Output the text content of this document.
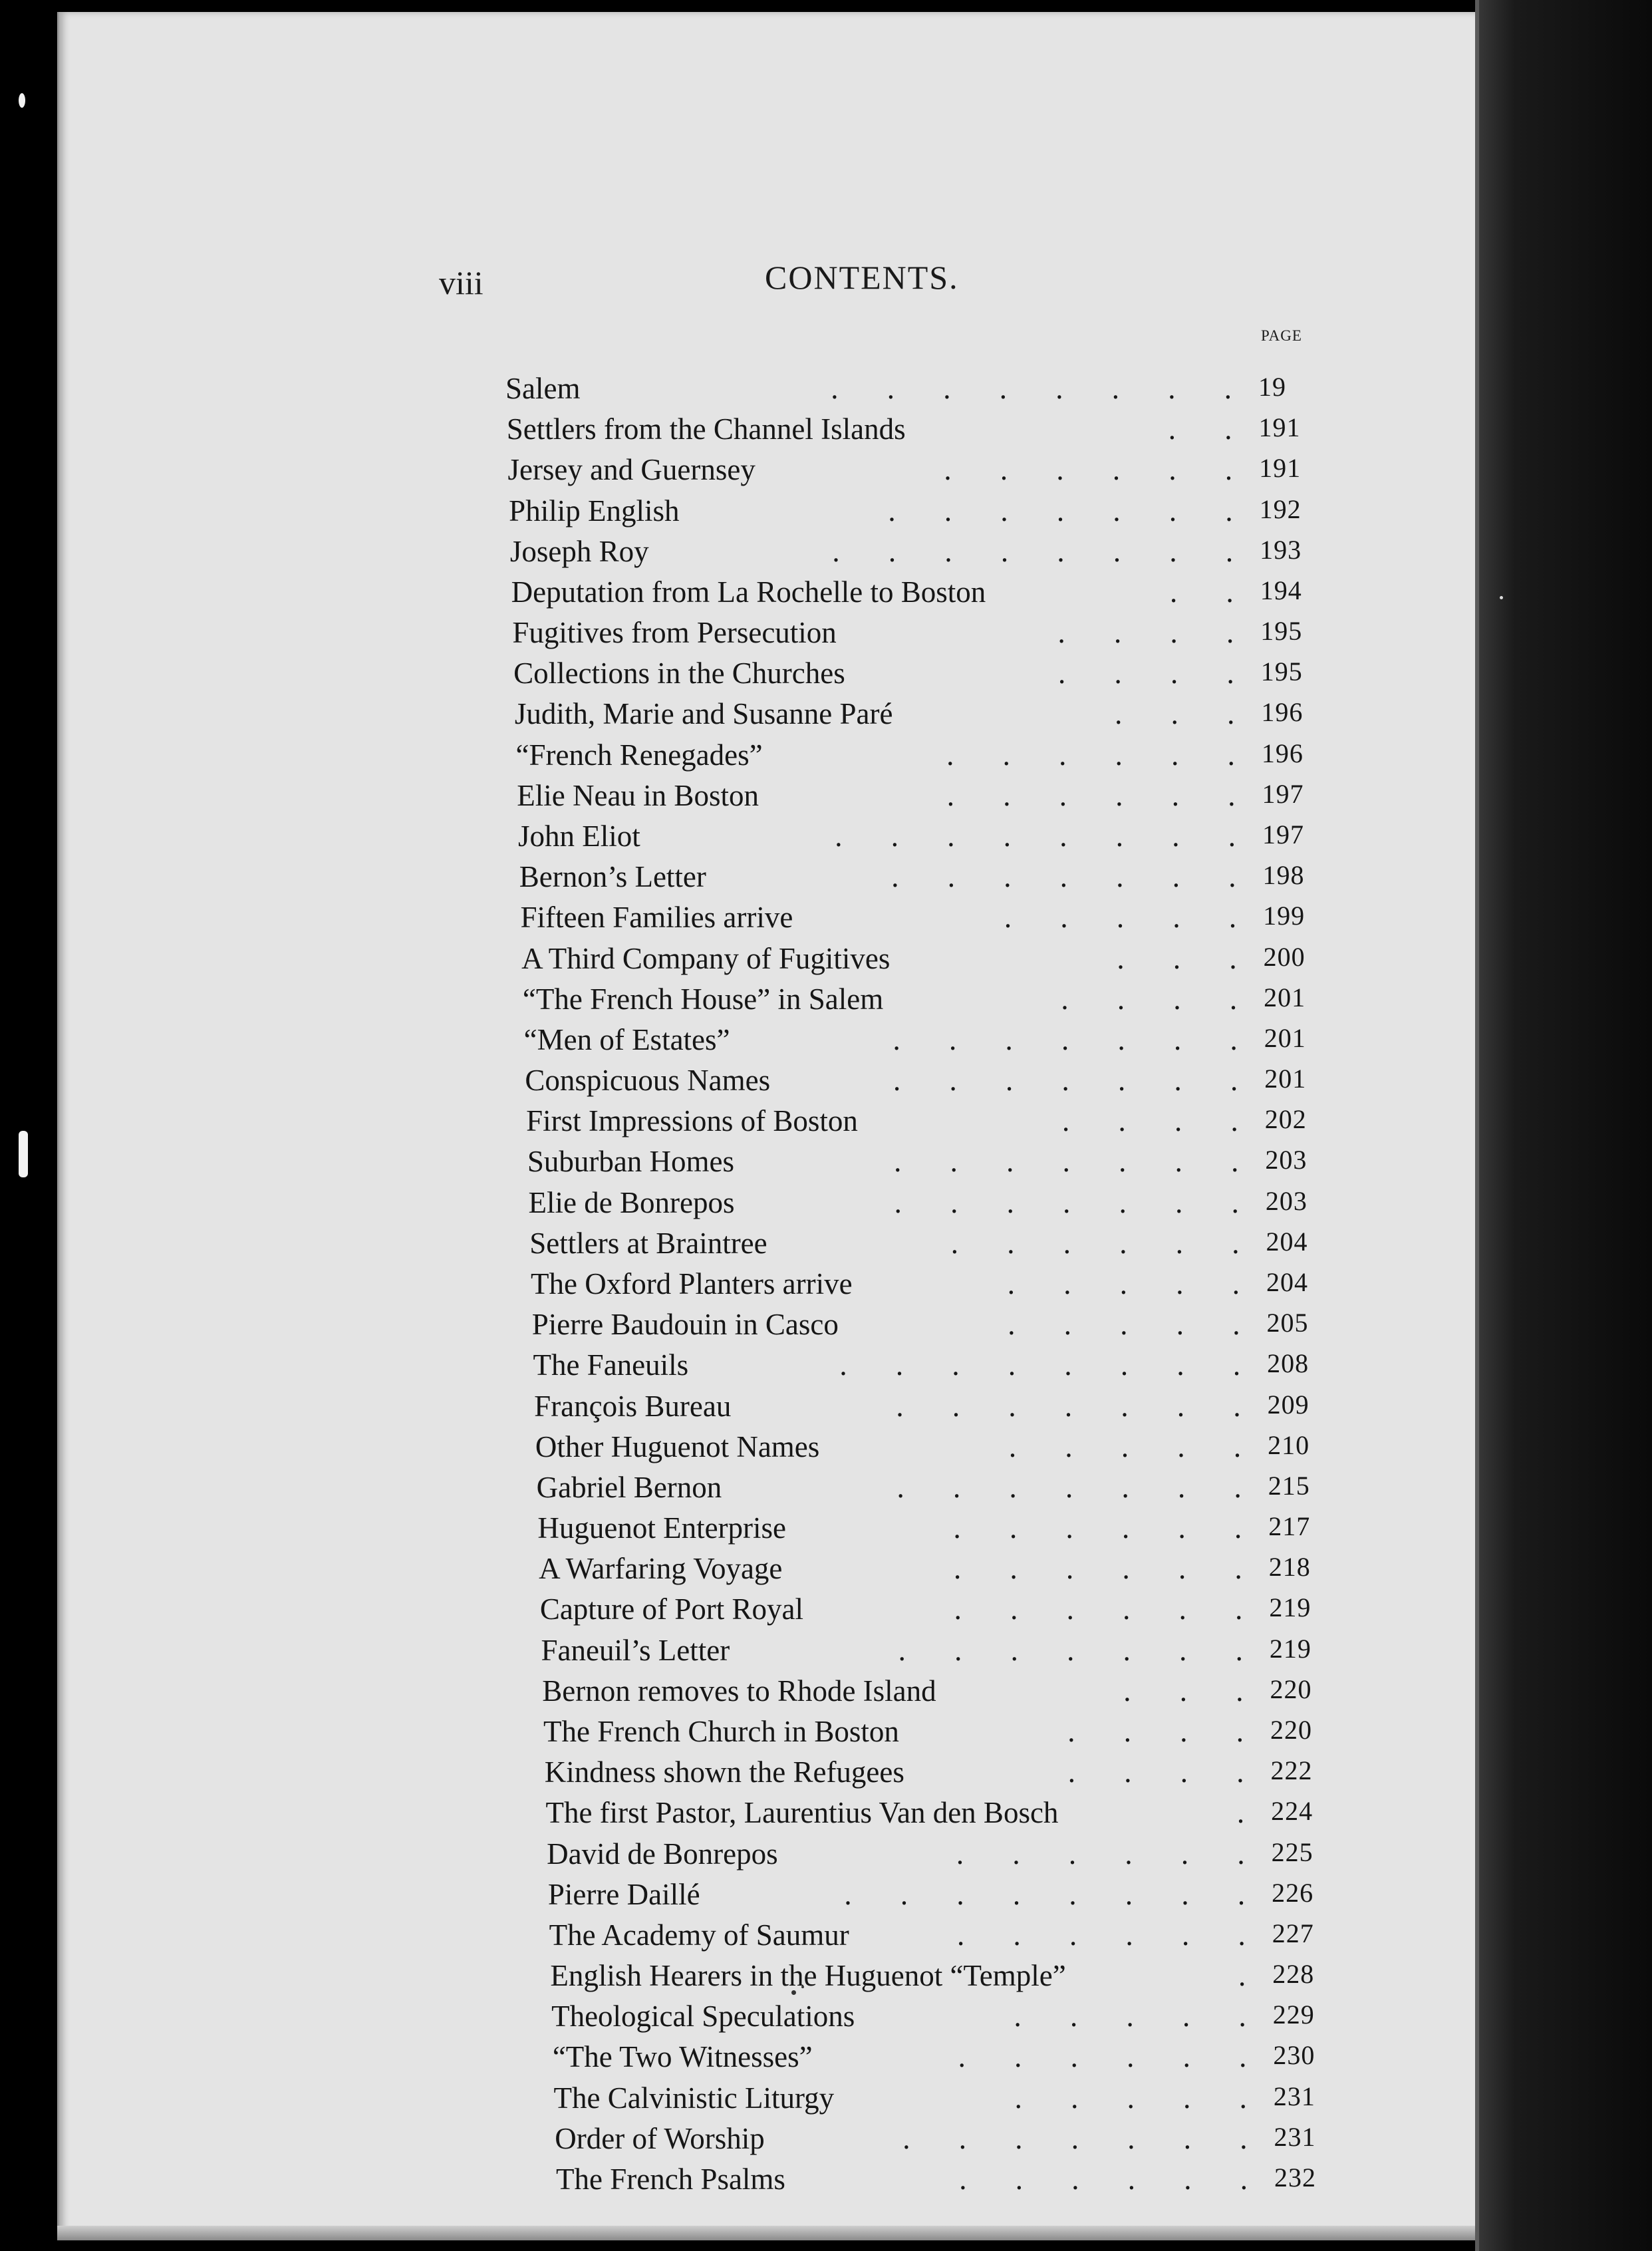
viii	CONTENTS.
PAGE
Salem	19
. . . . . . . .
Settlers from the Channel Islands	191
. .
Jersey and Guernsey	191
. . . . . .
Philip English	192
. . . . . . .
Joseph Roy	193
. . . . . . . .
Deputation from La Rochelle to Boston	194
. .
Fugitives from Persecution	195
. . . .
Collections in the Churches	195
. . . .
Judith, Marie and Susanne Paré	196
. . .
“French Renegades”	196
. . . . . .
Elie Neau in Boston	197
. . . . . .
John Eliot	197
. . . . . . . .
Bernon’s Letter	198
. . . . . . .
Fifteen Families arrive	199
. . . . .
A Third Company of Fugitives	200
. . .
“The French House” in Salem	201
. . . .
“Men of Estates”	201
. . . . . . .
Conspicuous Names	201
. . . . . . .
First Impressions of Boston	202
. . . .
Suburban Homes	203
. . . . . . .
Elie de Bonrepos	203
. . . . . . .
Settlers at Braintree	204
. . . . . .
The Oxford Planters arrive	204
. . . . .
Pierre Baudouin in Casco	205
. . . . .
The Faneuils	208
. . . . . . . .
François Bureau	209
. . . . . . .
Other Huguenot Names	210
. . . . .
Gabriel Bernon	215
. . . . . . .
Huguenot Enterprise	217
. . . . . .
A Warfaring Voyage	218
. . . . . .
Capture of Port Royal	219
. . . . . .
Faneuil’s Letter	219
. . . . . . .
Bernon removes to Rhode Island	220
. . .
The French Church in Boston	220
. . . .
Kindness shown the Refugees	222
. . . .
The first Pastor, Laurentius Van den Bosch	224
.
David de Bonrepos	225
. . . . . .
Pierre Daillé	226
. . . . . . . .
The Academy of Saumur	227
. . . . . .
English Hearers in the Huguenot “Temple”	228
.
Theological Speculations	229
. . . . .
“The Two Witnesses”	230
. . . . . .
The Calvinistic Liturgy	231
. . . . .
Order of Worship	231
. . . . . . .
The French Psalms	232
. . . . . .
